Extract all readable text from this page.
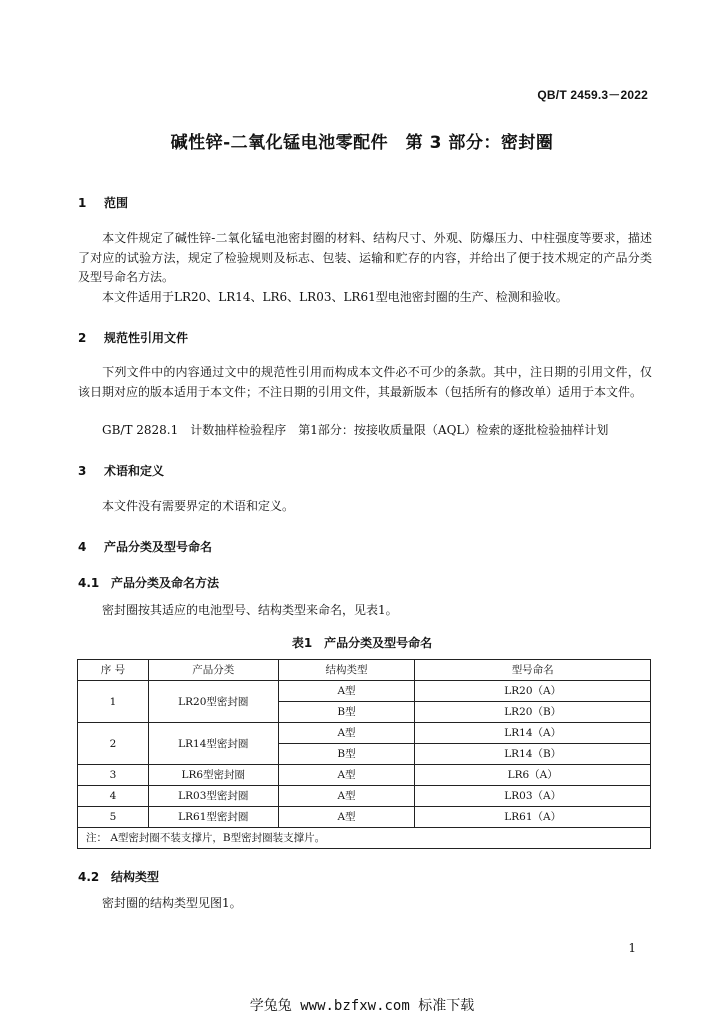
QB/T 2459.3－2022
碱性锌-二氧化锰电池零配件　第 3 部分：密封圈
1 范围
本文件规定了碱性锌-二氧化锰电池密封圈的材料、结构尺寸、外观、防爆压力、中柱强度等要求，描述了对应的试验方法，规定了检验规则及标志、包装、运输和贮存的内容，并给出了便于技术规定的产品分类及型号命名方法。
本文件适用于LR20、LR14、LR6、LR03、LR61型电池密封圈的生产、检测和验收。
2 规范性引用文件
下列文件中的内容通过文中的规范性引用而构成本文件必不可少的条款。其中，注日期的引用文件，仅该日期对应的版本适用于本文件；不注日期的引用文件，其最新版本（包括所有的修改单）适用于本文件。
GB/T 2828.1 计数抽样检验程序　第1部分：按接收质量限（AQL）检索的逐批检验抽样计划
3 术语和定义
本文件没有需要界定的术语和定义。
4 产品分类及型号命名
4.1 产品分类及命名方法
密封圈按其适应的电池型号、结构类型来命名，见表1。
表1 产品分类及型号命名
序 号	产品分类	结构类型	型号命名
1	LR20型密封圈	A型	LR20（A）
		B型	LR20（B）
2	LR14型密封圈	A型	LR14（A）
		B型	LR14（B）
3	LR6型密封圈	A型	LR6（A）
4	LR03型密封圈	A型	LR03（A）
5	LR61型密封圈	A型	LR61（A）
注： A型密封圈不装支撑片，B型密封圈装支撑片。			
4.2 结构类型
密封圈的结构类型见图1。
1
学兔兔 www.bzfxw.com 标准下载
